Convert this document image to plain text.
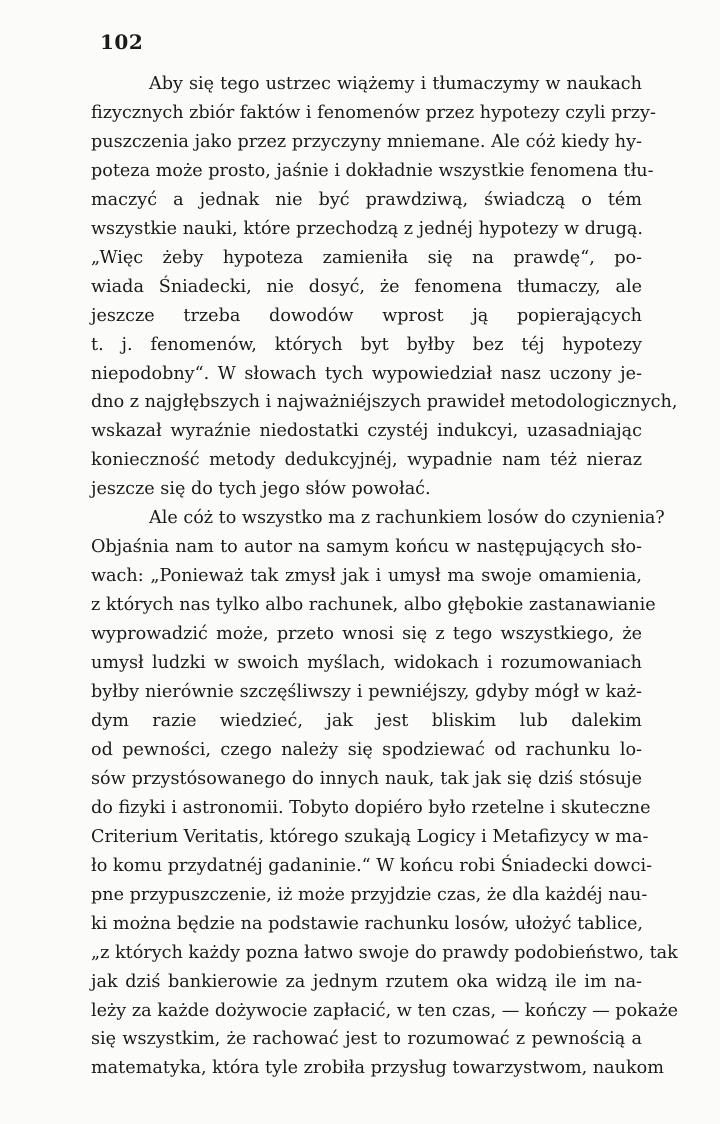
102
Aby się tego ustrzec wiążemy i tłumaczymy w naukach
fizycznych zbiór faktów i fenomenów przez hypotezy czyli przy-
puszczenia jako przez przyczyny mniemane. Ale cóż kiedy hy-
poteza może prosto, jaśnie i dokładnie wszystkie fenomena tłu-
maczyć a jednak nie być prawdziwą, świadczą o tém
wszystkie nauki, które przechodzą z jednéj hypotezy w drugą.
„Więc żeby hypoteza zamieniła się na prawdę“, po-
wiada Śniadecki, nie dosyć, że fenomena tłumaczy, ale
jeszcze trzeba dowodów wprost ją popierających
t. j. fenomenów, których byt byłby bez téj hypotezy
niepodobny“. W słowach tych wypowiedział nasz uczony je-
dno z najgłębszych i najważniéjszych prawideł metodologicznych,
wskazał wyraźnie niedostatki czystéj indukcyi, uzasadniając
konieczność metody dedukcyjnéj, wypadnie nam téż nieraz
jeszcze się do tych jego słów powołać.
Ale cóż to wszystko ma z rachunkiem losów do czynienia?
Objaśnia nam to autor na samym końcu w następujących sło-
wach: „Ponieważ tak zmysł jak i umysł ma swoje omamienia,
z których nas tylko albo rachunek, albo głębokie zastanawianie
wyprowadzić może, przeto wnosi się z tego wszystkiego, że
umysł ludzki w swoich myślach, widokach i rozumowaniach
byłby nierównie szczęśliwszy i pewniéjszy, gdyby mógł w każ-
dym razie wiedzieć, jak jest bliskim lub dalekim
od pewności, czego należy się spodziewać od rachunku lo-
sów przystósowanego do innych nauk, tak jak się dziś stósuje
do fizyki i astronomii. Tobyto dopiéro było rzetelne i skuteczne
Criterium Veritatis, którego szukają Logicy i Metafizycy w ma-
ło komu przydatnéj gadaninie.“ W końcu robi Śniadecki dowci-
pne przypuszczenie, iż może przyjdzie czas, że dla każdéj nau-
ki można będzie na podstawie rachunku losów, ułożyć tablice,
„z których każdy pozna łatwo swoje do prawdy podobieństwo, tak
jak dziś bankierowie za jednym rzutem oka widzą ile im na-
leży za każde dożywocie zapłacić, w ten czas, — kończy — pokaże
się wszystkim, że rachować jest to rozumować z pewnością a
matematyka, która tyle zrobiła przysług towarzystwom, naukom
